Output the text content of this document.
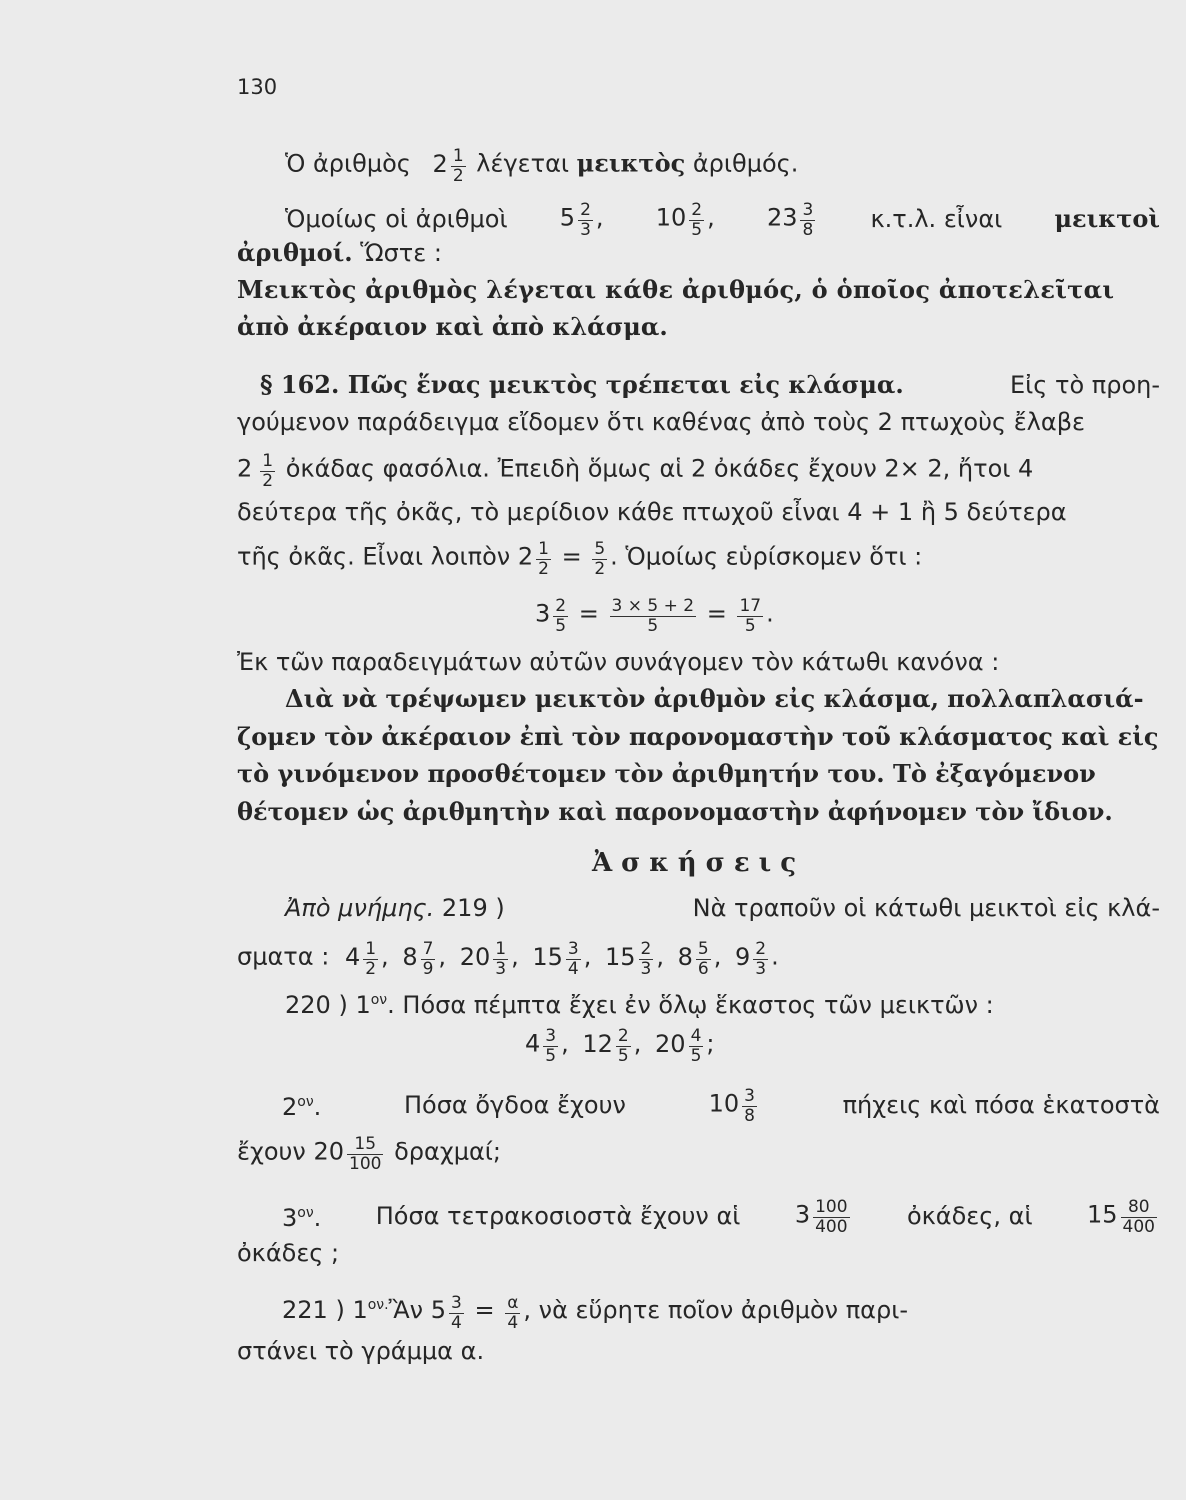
130
Ὁ ἀριθμὸς $2 \frac{1}{2}$ λέγεται μεικτὸς ἀριθμός.
Ὁμοίως οἱ ἀριθμοὶ $5 \frac{2}{3}$ , $10 \frac{2}{5}$ , $23 \frac{3}{8} \kappa.\tau.\lambda$. εἶναι μεικτοὶ
ἀριθμοί. Ὥστε :
Μεικτὸς ἀριθμὸς λέγεται κάθε ἀριθμός, ὁ ὁποῖος ἀποτελεῖται
ἀπὸ ἀκέραιον καὶ ἀπὸ κλάσμα.
§ 162. Πῶς ἕνας μεικτὸς τρέπεται εἰς κλάσμα.	Εἰς τὸ προη-
γούμενον παράδειγμα εἴδομεν ὅτι καθένας ἀπὸ τοὺς 2 πτωχοὺς ἔλαβε
$2 \frac{1}{2}$ ὀκάδας φασόλια. Ἐπειδὴ ὅμως αἱ 2 ὀκάδες ἔχουν 2× 2, ἤτοι 4
δεύτερα τῆς ὀκᾶς, τὸ μερίδιον κάθε πτωχοῦ εἶναι 4 + 1 ἢ 5 δεύτερα
τῆς ὀκᾶς. Εἶναι λοιπὸν $2 \frac{1}{2} = \frac{5}{2}$ . Ὁμοίως εὑρίσκομεν ὅτι :
$3 \frac{2}{5} = \frac{3 \times 5 + 2}{5} = \frac{17}{5}$ .
Ἐκ τῶν παραδειγμάτων αὐτῶν συνάγομεν τὸν κάτωθι κανόνα :
Διὰ νὰ τρέψωμεν μεικτὸν ἀριθμὸν εἰς κλάσμα, πολλαπλασιά-
ζομεν τὸν ἀκέραιον ἐπὶ τὸν παρονομαστὴν τοῦ κλάσματος καὶ εἰς
τὸ γινόμενον προσθέτομεν τὸν ἀριθμητήν του. Τὸ ἐξαγόμενον
θέτομεν ὡς ἀριθμητὴν καὶ παρονομαστὴν ἀφήνομεν τὸν ἴδιον.
Ἀσκήσεις
Ἀπὸ μνήμης. 219 )	Νὰ τραποῦν οἱ κάτωθι μεικτοὶ εἰς κλά-
σματα : $4 \frac{1}{2}$ , $8 \frac{7}{9}$ , $20 \frac{1}{3}$ , $15 \frac{3}{4}$ , $15 \frac{2}{3}$ , $8 \frac{5}{6}$ , $9 \frac{2}{3}$ .
220 ) $1^{o\nu}$. Πόσα πέμπτα ἔχει ἐν ὅλῳ ἕκαστος τῶν μεικτῶν :
$4 \frac{3}{5}$ , $12 \frac{2}{5}$ , $20 \frac{4}{5}$ ;
$2^{o\nu}$.	Πόσα ὄγδοα ἔχουν	$10 \frac{3}{8}$	πήχεις καὶ πόσα ἑκατοστὰ
ἔχουν $20 \frac{15}{100} \delta\rho\alpha\chi\mu\alpha ί$;
$3^{o\nu}$. Πόσα τετρακοσιοστὰ ἔχουν αἱ $3 \frac{100}{400}$ ὀκάδες, αἱ $15 \frac{80}{400}$
ὀκάδες ;
221 ) $1^{o\nu.}Ἂ\nu$ $5 \frac{3}{4} = \frac{\alpha}{4}$ , νὰ εὕρητε ποῖον ἀριθμὸν παρι-
στάνει τὸ γράμμα α.
